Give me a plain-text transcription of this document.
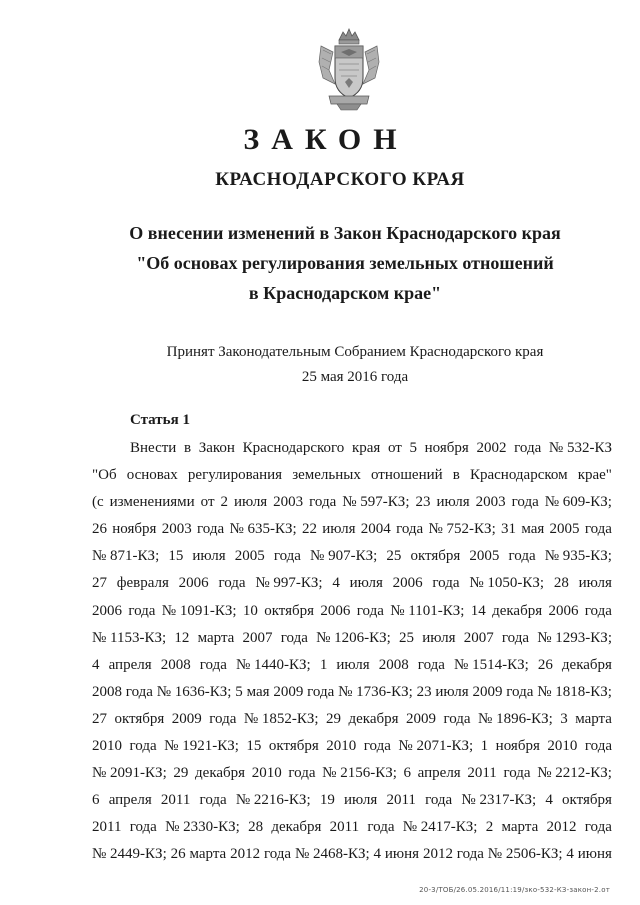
ЗАКОН
КРАСНОДАРСКОГО КРАЯ
О внесении изменений в Закон Краснодарского края
"Об основах регулирования земельных отношений
в Краснодарском крае"
Принят Законодательным Собранием Краснодарского края
25 мая 2016 года
Статья 1
Внести в Закон Краснодарского края от 5 ноября 2002 года № 532-КЗ
"Об основах регулирования земельных отношений в Краснодарском крае"
(с изменениями от 2 июля 2003 года № 597-КЗ; 23 июля 2003 года № 609-КЗ;
26 ноября 2003 года № 635-КЗ; 22 июля 2004 года № 752-КЗ; 31 мая 2005 года
№ 871-КЗ; 15 июля 2005 года № 907-КЗ; 25 октября 2005 года № 935-КЗ;
27 февраля 2006 года № 997-КЗ; 4 июля 2006 года № 1050-КЗ; 28 июля
2006 года № 1091-КЗ; 10 октября 2006 года № 1101-КЗ; 14 декабря 2006 года
№ 1153-КЗ; 12 марта 2007 года № 1206-КЗ; 25 июля 2007 года № 1293-КЗ;
4 апреля 2008 года № 1440-КЗ; 1 июля 2008 года № 1514-КЗ; 26 декабря
2008 года № 1636-КЗ; 5 мая 2009 года № 1736-КЗ; 23 июля 2009 года № 1818-КЗ;
27 октября 2009 года № 1852-КЗ; 29 декабря 2009 года № 1896-КЗ; 3 марта
2010 года № 1921-КЗ; 15 октября 2010 года № 2071-КЗ; 1 ноября 2010 года
№ 2091-КЗ; 29 декабря 2010 года № 2156-КЗ; 6 апреля 2011 года № 2212-КЗ;
6 апреля 2011 года № 2216-КЗ; 19 июля 2011 года № 2317-КЗ; 4 октября
2011 года № 2330-КЗ; 28 декабря 2011 года № 2417-КЗ; 2 марта 2012 года
№ 2449-КЗ; 26 марта 2012 года № 2468-КЗ; 4 июня 2012 года № 2506-КЗ; 4 июня
20-3/ТОБ/26.05.2016/11:19/зко-532-КЗ-закон-2.oт
